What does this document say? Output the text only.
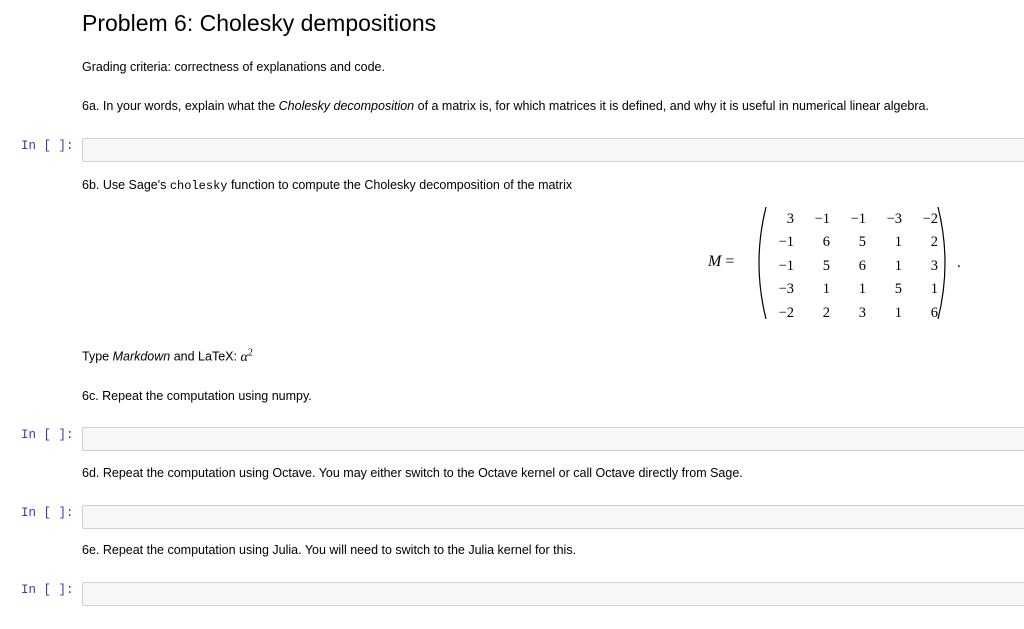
Problem 6: Cholesky dempositions
Grading criteria: correctness of explanations and code.
6a. In your words, explain what the Cholesky decomposition of a matrix is, for which matrices it is defined, and why it is useful in numerical linear algebra.
In [ ]:
6b. Use Sage's cholesky function to compute the Cholesky decomposition of the matrix
M =
3	−1	−1	−3	−2
−1	6	5	1	2
−1	5	6	1	3
−3	1	1	5	1
−2	2	3	1	6
.
Type Markdown and LaTeX: $\alpha^2$
6c. Repeat the computation using numpy.
In [ ]:
6d. Repeat the computation using Octave. You may either switch to the Octave kernel or call Octave directly from Sage.
In [ ]:
6e. Repeat the computation using Julia. You will need to switch to the Julia kernel for this.
In [ ]:
